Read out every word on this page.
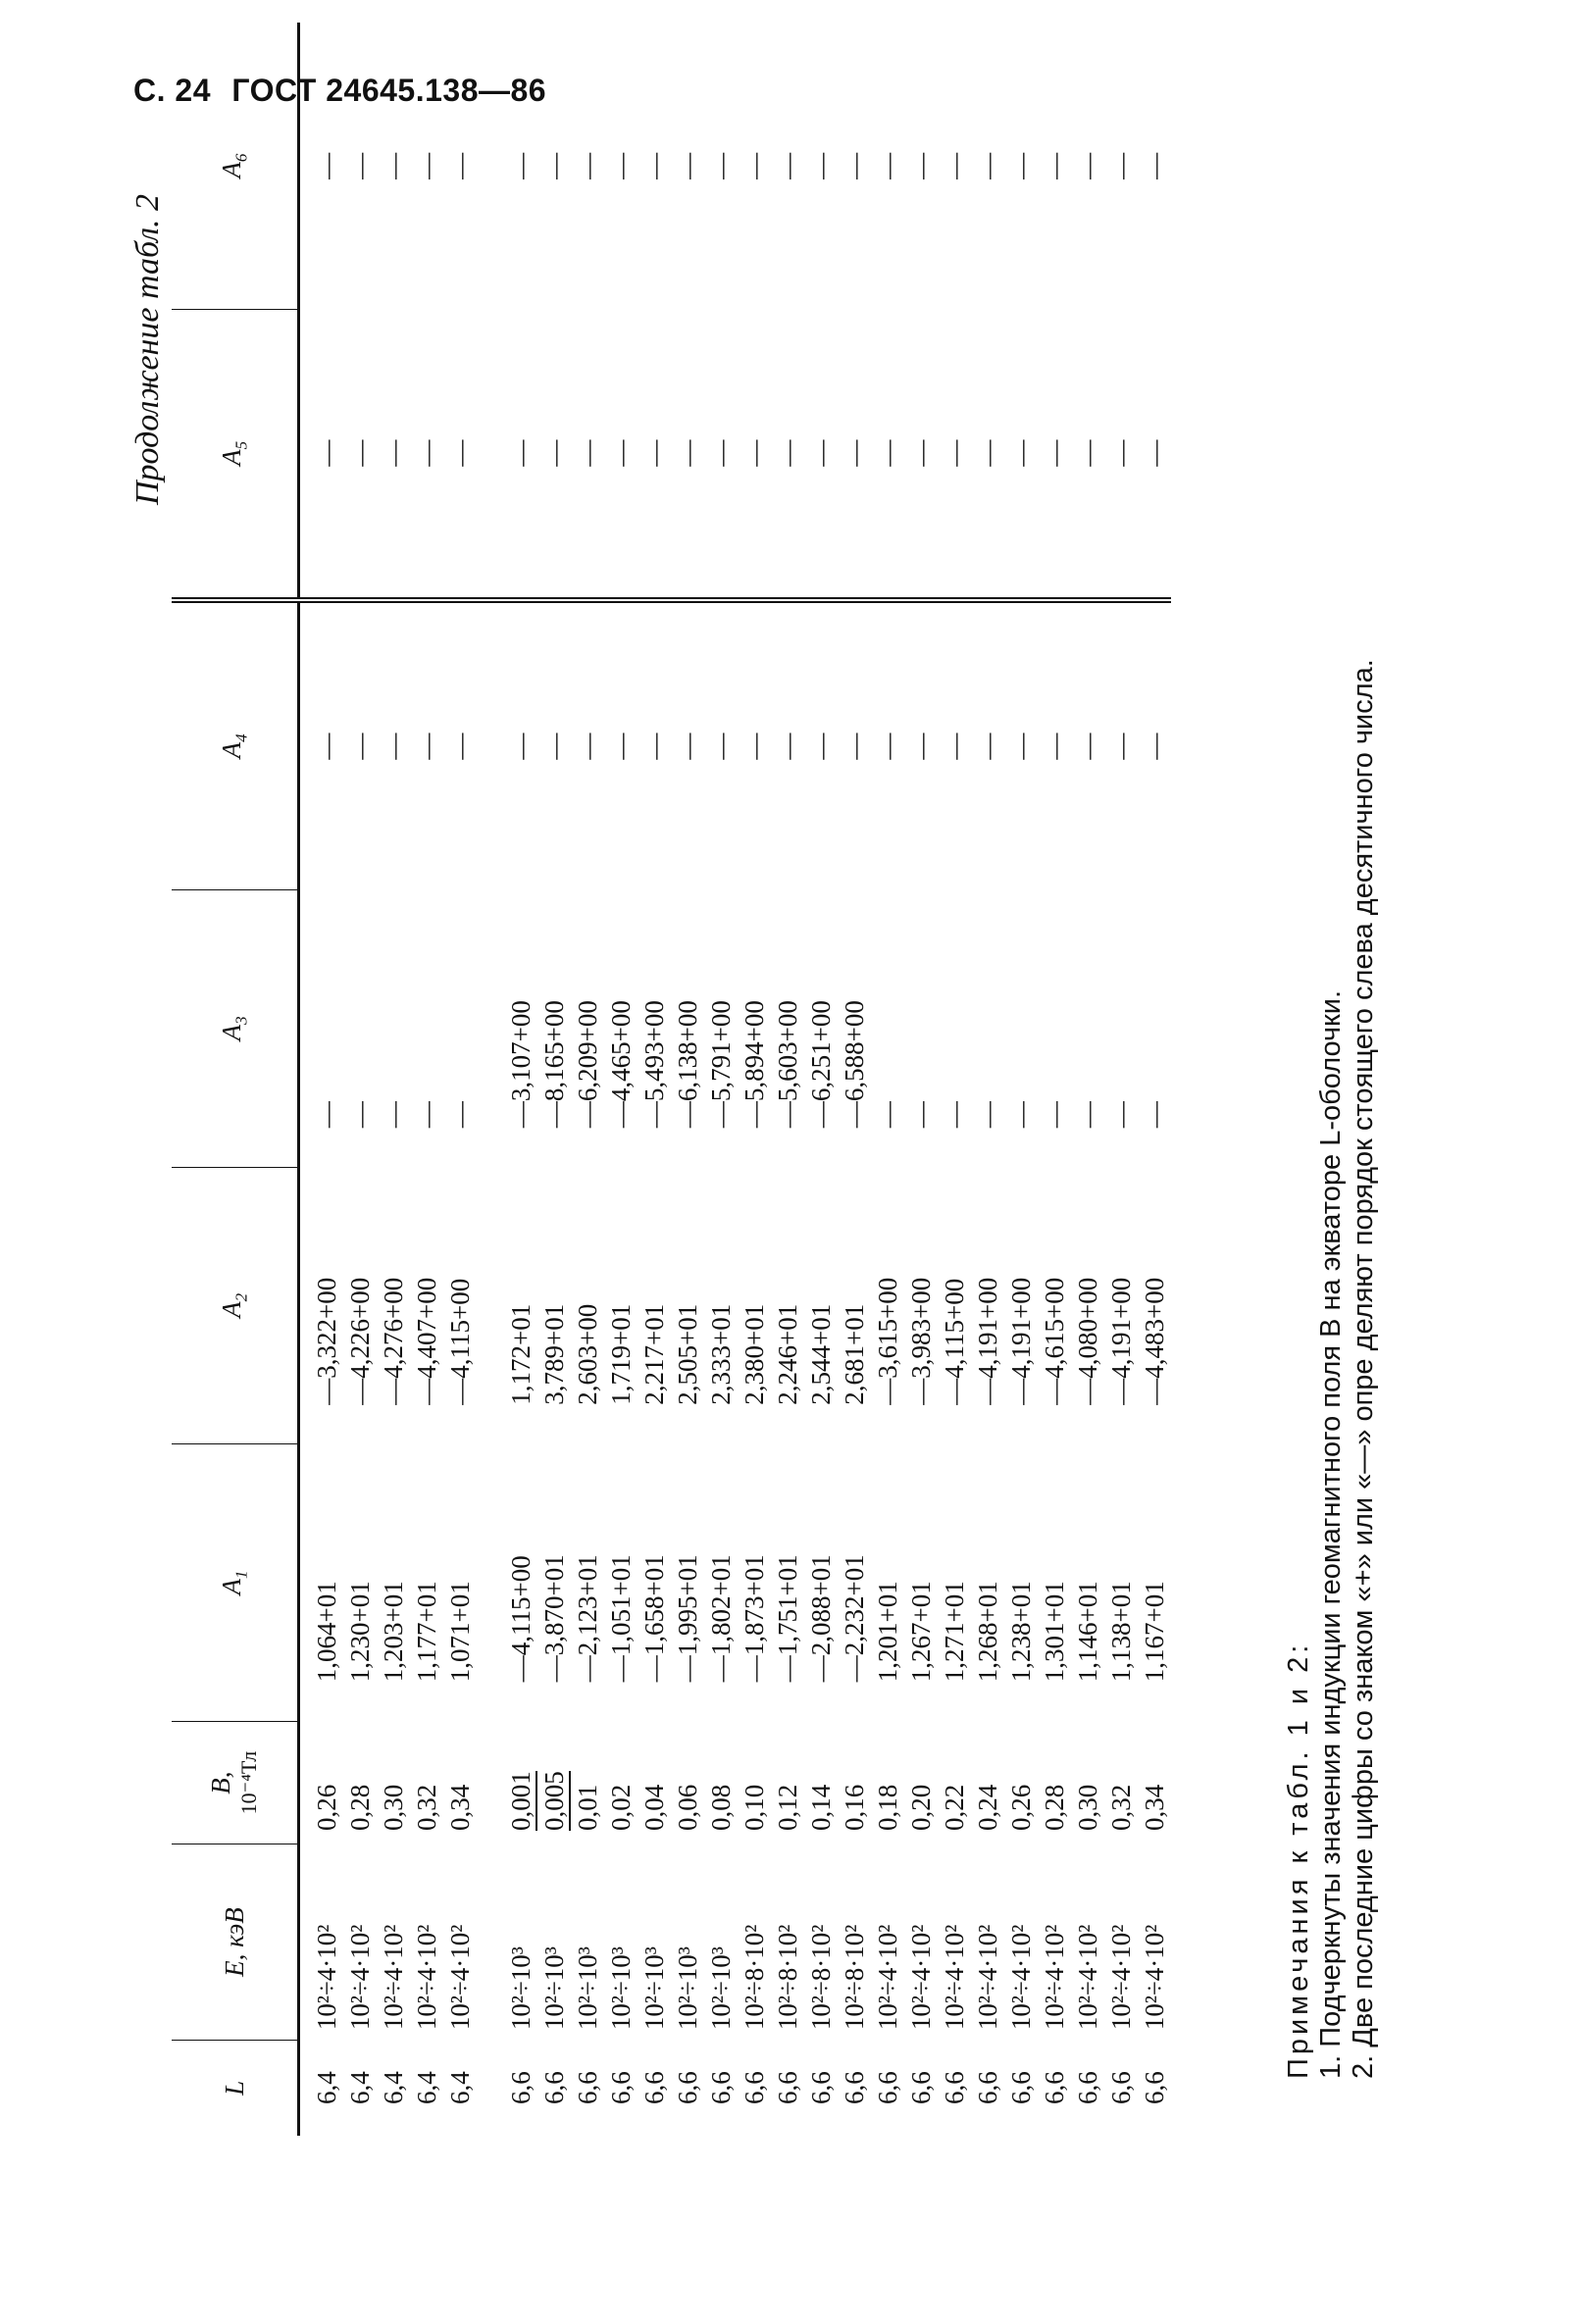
С. 24 ГОСТ 24645.138—86
Продолжение табл. 2
L	E, кэВ	B,
10⁻⁴Тл	$A_1$	$A_2$	$A_3$	$A_4$	$A_5$	$A_6$
6,4	10²÷4·10²	0,26	1,064+01	—3,322+00	—	—	—	—
6,4	10²÷4·10²	0,28	1,230+01	—4,226+00	—	—	—	—
6,4	10²÷4·10²	0,30	1,203+01	—4,276+00	—	—	—	—
6,4	10²÷4·10²	0,32	1,177+01	—4,407+00	—	—	—	—
6,4	10²÷4·10²	0,34	1,071+01	—4,115+00	—	—	—	—

6,6	10²÷10³	0,001	—4,115+00	1,172+01	—3,107+00	—	—	—
6,6	10²÷10³	0,005	—3,870+01	3,789+01	—8,165+00	—	—	—
6,6	10²÷10³	0,01	—2,123+01	2,603+00	—6,209+00	—	—	—
6,6	10²÷10³	0,02	—1,051+01	1,719+01	—4,465+00	—	—	—
6,6	10²÷10³	0,04	—1,658+01	2,217+01	—5,493+00	—	—	—
6,6	10²÷10³	0,06	—1,995+01	2,505+01	—6,138+00	—	—	—
6,6	10²÷10³	0,08	—1,802+01	2,333+01	—5,791+00	—	—	—
6,6	10²÷8·10²	0,10	—1,873+01	2,380+01	—5,894+00	—	—	—
6,6	10²÷8·10²	0,12	—1,751+01	2,246+01	—5,603+00	—	—	—
6,6	10²÷8·10²	0,14	—2,088+01	2,544+01	—6,251+00	—	—	—
6,6	10²÷8·10²	0,16	—2,232+01	2,681+01	—6,588+00	—	—	—
6,6	10²÷4·10²	0,18	1,201+01	—3,615+00	—	—	—	—
6,6	10²÷4·10²	0,20	1,267+01	—3,983+00	—	—	—	—
6,6	10²÷4·10²	0,22	1,271+01	—4,115+00	—	—	—	—
6,6	10²÷4·10²	0,24	1,268+01	—4,191+00	—	—	—	—
6,6	10²÷4·10²	0,26	1,238+01	—4,191+00	—	—	—	—
6,6	10²÷4·10²	0,28	1,301+01	—4,615+00	—	—	—	—
6,6	10²÷4·10²	0,30	1,146+01	—4,080+00	—	—	—	—
6,6	10²÷4·10²	0,32	1,138+01	—4,191+00	—	—	—	—
6,6	10²÷4·10²	0,34	1,167+01	—4,483+00	—	—	—	—
Примечания к табл. 1 и 2: 1. Подчеркнуты значения индукции геомагнитного поля B на экваторе L-оболочки. 2. Две последние цифры со знаком «+» или «—» опре деляют порядок стоящего слева десятичного числа.
